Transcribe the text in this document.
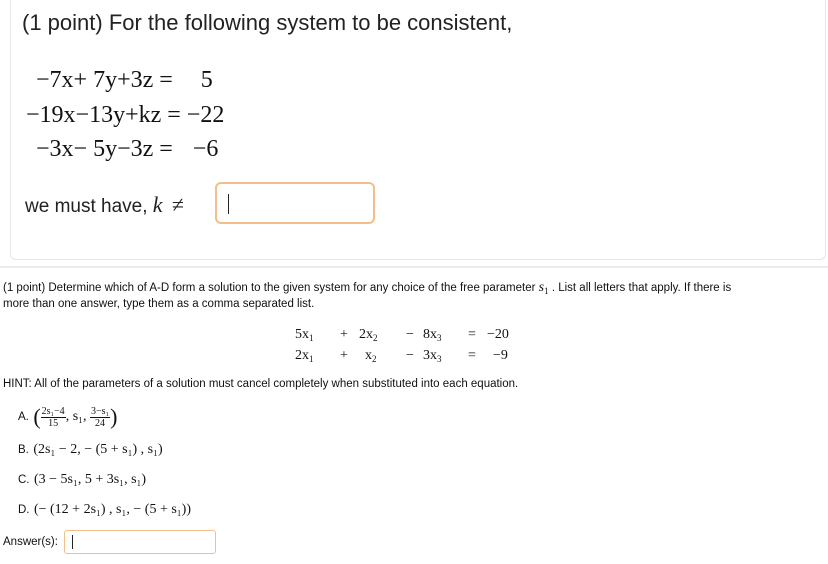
(1 point) For the following system to be consistent,
−7x+ 7y+3z = 5
−19x−13y+kz = −22
−3x− 5y−3z = −6
we must have, k ≠
(1 point) Determine which of A-D form a solution to the given system for any choice of the free parameter $s_1$ . List all letters that apply. If there is
more than one answer, type them as a comma separated list.
$5x_1 + 2x_2 - 8x_3 = -20$
$2x_1 + x_2 - 3x_3 = -9$
HINT: All of the parameters of a solution must cancel completely when substituted into each equation.
A. ( $\frac{\text{2s₁−4}}{15}$ , s₁, $\frac{\text{3−s₁}}{24}$ )
B. (2s₁ − 2, − (5 + s₁) , s₁)
C. (3 − 5s₁, 5 + 3s₁, s₁)
D. (− (12 + 2s₁) , s₁, − (5 + s₁))
Answer(s):
